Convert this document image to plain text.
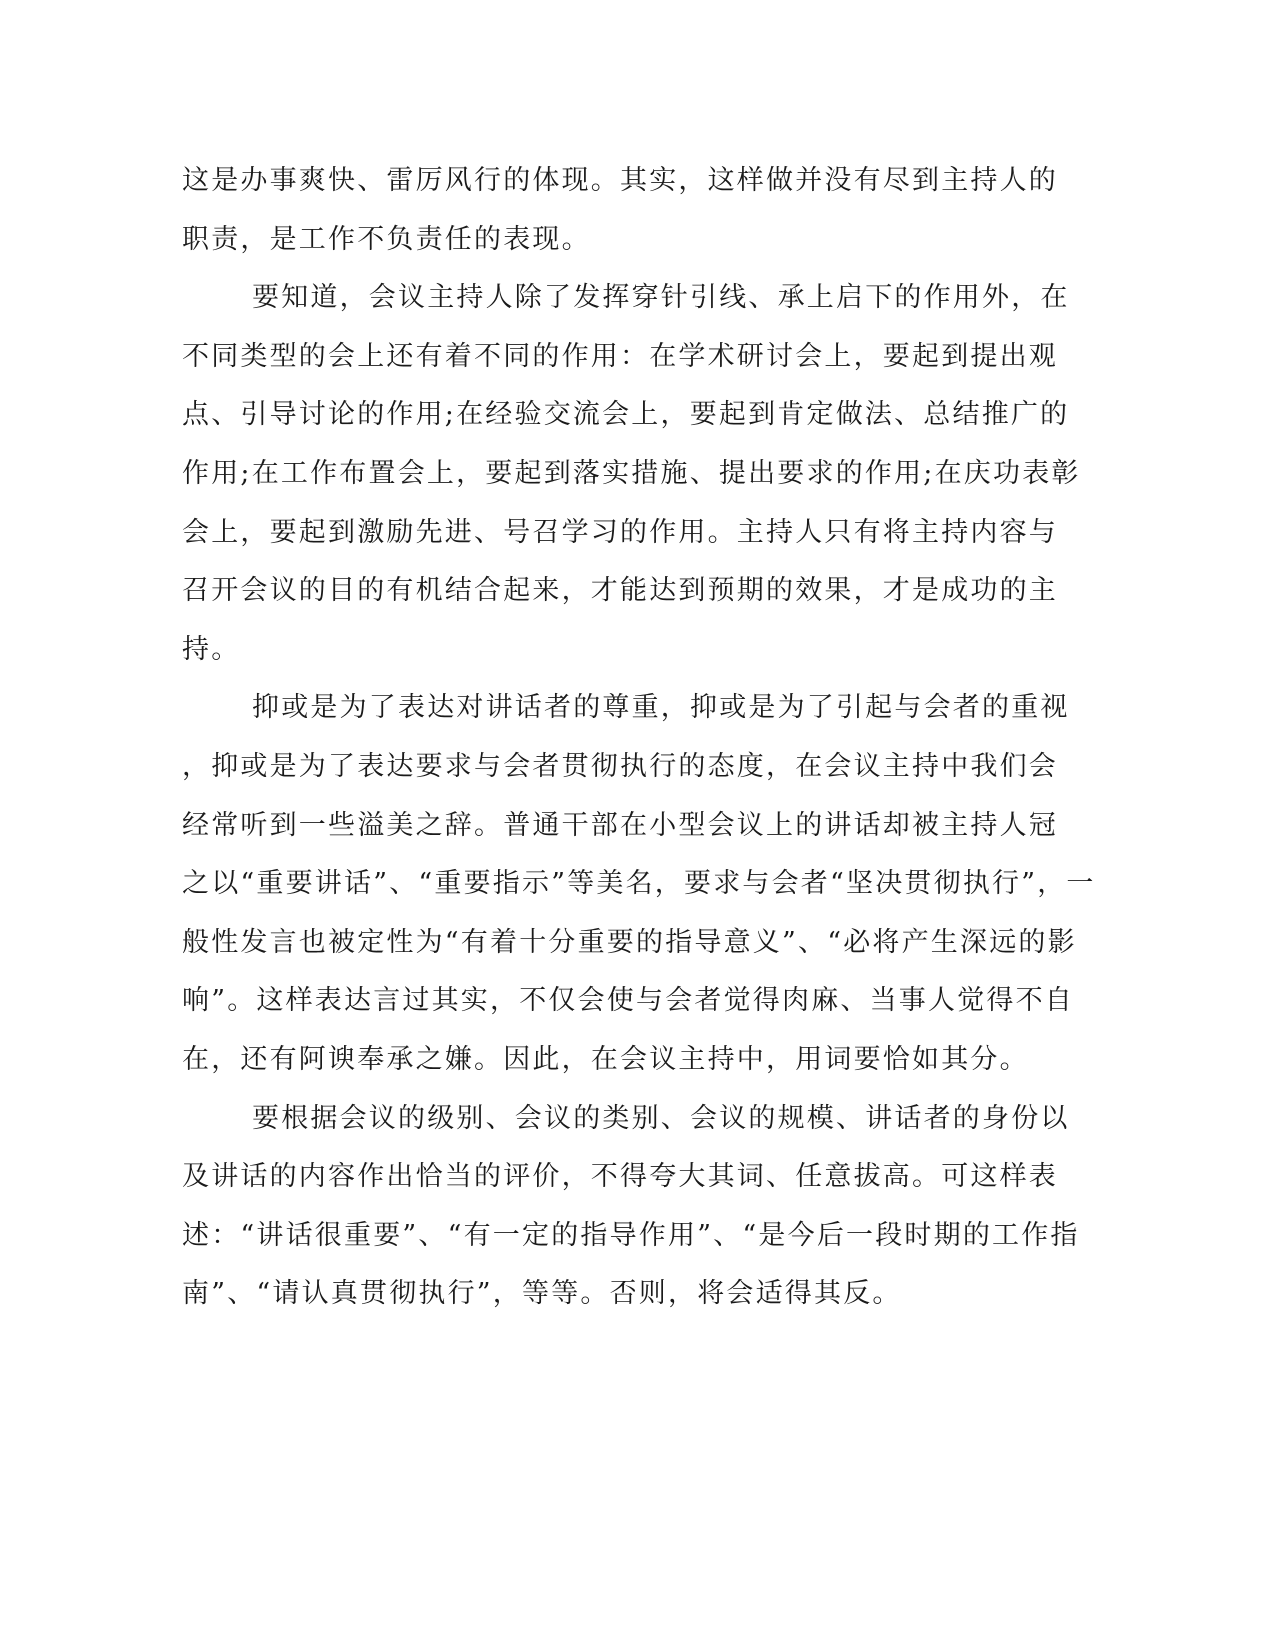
这是办事爽快、雷厉风行的体现。其实，这样做并没有尽到主持人的
职责，是工作不负责任的表现。
要知道，会议主持人除了发挥穿针引线、承上启下的作用外，在
不同类型的会上还有着不同的作用：在学术研讨会上，要起到提出观
点、引导讨论的作用;在经验交流会上，要起到肯定做法、总结推广的
作用;在工作布置会上，要起到落实措施、提出要求的作用;在庆功表彰
会上，要起到激励先进、号召学习的作用。主持人只有将主持内容与
召开会议的目的有机结合起来，才能达到预期的效果，才是成功的主
持。
抑或是为了表达对讲话者的尊重，抑或是为了引起与会者的重视
，抑或是为了表达要求与会者贯彻执行的态度，在会议主持中我们会
经常听到一些溢美之辞。普通干部在小型会议上的讲话却被主持人冠
之以“重要讲话”、“重要指示”等美名，要求与会者“坚决贯彻执行”，一
般性发言也被定性为“有着十分重要的指导意义”、“必将产生深远的影
响”。这样表达言过其实，不仅会使与会者觉得肉麻、当事人觉得不自
在，还有阿谀奉承之嫌。因此，在会议主持中，用词要恰如其分。
要根据会议的级别、会议的类别、会议的规模、讲话者的身份以
及讲话的内容作出恰当的评价，不得夸大其词、任意拔高。可这样表
述：“讲话很重要”、“有一定的指导作用”、“是今后一段时期的工作指
南”、“请认真贯彻执行”，等等。否则，将会适得其反。
